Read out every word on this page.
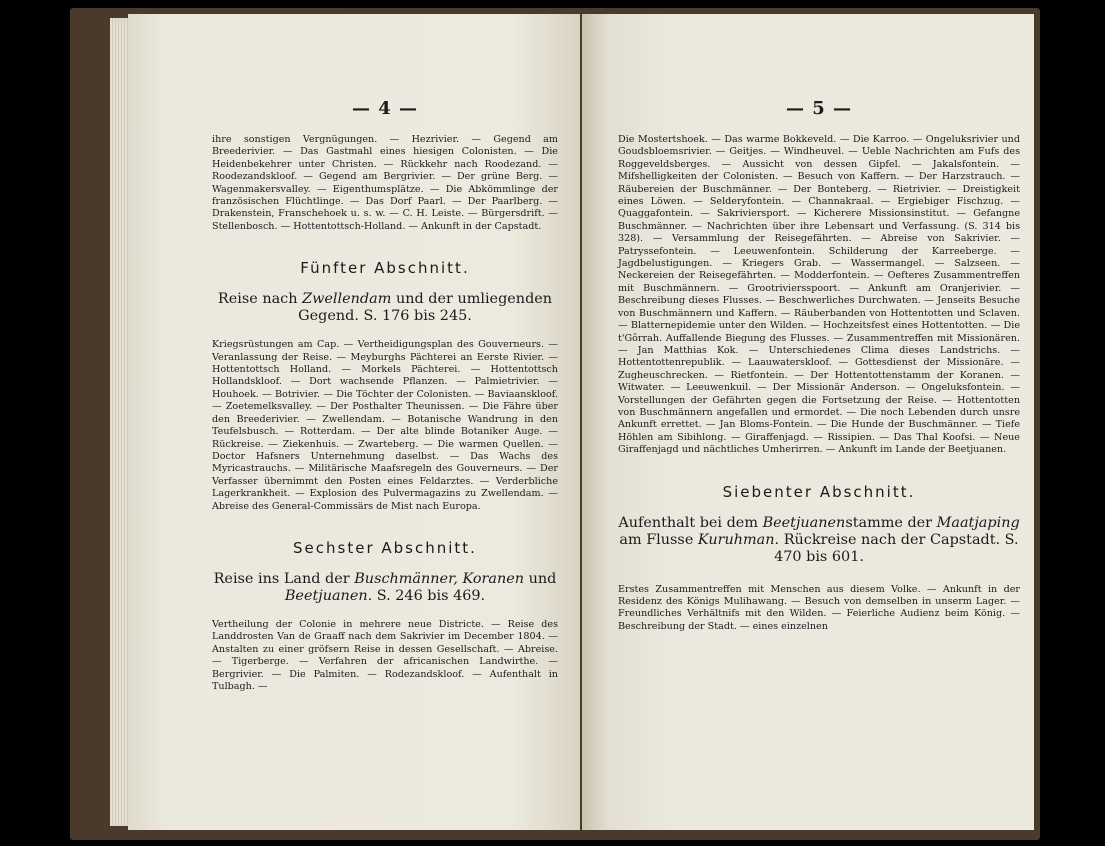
— 4 —
ihre sonstigen Vergnügungen. — Hezrivier. — Gegend am Breederivier. — Das Gastmahl eines hiesigen Colonisten. — Die Heidenbekehrer unter Christen. — Rückkehr nach Roodezand. — Roodezandskloof. — Gegend am Bergrivier. — Der grüne Berg. — Wagenmakersvalley. — Eigenthumsplätze. — Die Abkömmlinge der französischen Flüchtlinge. — Das Dorf Paarl. — Der Paarlberg. — Drakenstein, Franschehoek u. s. w. — C. H. Leiste. — Bürgersdrift. — Stellenbosch. — Hottentottsch-Holland. — Ankunft in der Capstadt.
Fünfter Abschnitt.
Reise nach Zwellendam und der umliegenden Gegend. S. 176 bis 245.
Kriegsrüstungen am Cap. — Vertheidigungsplan des Gouverneurs. — Veranlassung der Reise. — Meyburghs Pächterei an Eerste Rivier. — Hottentottsch Holland. — Morkels Pächterei. — Hottentottsch Hollandskloof. — Dort wachsende Pflanzen. — Palmietrivier. — Houhoek. — Botrivier. — Die Töchter der Colonisten. — Baviaanskloof. — Zoetemelksvalley. — Der Posthalter Theunissen. — Die Fähre über den Breederivier. — Zwellendam. — Botanische Wandrung in den Teufelsbusch. — Rotterdam. — Der alte blinde Botaniker Auge. — Rückreise. — Ziekenhuis. — Zwarteberg. — Die warmen Quellen. — Doctor Hafsners Unternehmung daselbst. — Das Wachs des Myricastrauchs. — Militärische Maafsregeln des Gouverneurs. — Der Verfasser übernimmt den Posten eines Feldarztes. — Verderbliche Lagerkrankheit. — Explosion des Pulvermagazins zu Zwellendam. — Abreise des General-Commissärs de Mist nach Europa.
Sechster Abschnitt.
Reise ins Land der Buschmänner, Koranen und Beetjuanen. S. 246 bis 469.
Vertheilung der Colonie in mehrere neue Districte. — Reise des Landdrosten Van de Graaff nach dem Sakrivier im December 1804. — Anstalten zu einer gröfsern Reise in dessen Gesellschaft. — Abreise. — Tigerberge. — Verfahren der africanischen Landwirthe. — Bergrivier. — Die Palmiten. — Rodezandskloof. — Aufenthalt in Tulbagh. —
— 5 —
Die Mostertshoek. — Das warme Bokkeveld. — Die Karroo. — Ongeluksrivier und Goudsbloemsrivier. — Geitjes. — Windheuvel. — Ueble Nachrichten am Fufs des Roggeveldsberges. — Aussicht von dessen Gipfel. — Jakalsfontein. — Mifshelligkeiten der Colonisten. — Besuch von Kaffern. — Der Harzstrauch. — Räubereien der Buschmänner. — Der Bonteberg. — Rietrivier. — Dreistigkeit eines Löwen. — Selderyfontein. — Channakraal. — Ergiebiger Fischzug. — Quaggafontein. — Sakriviersport. — Kicherere Missionsinstitut. — Gefangne Buschmänner. — Nachrichten über ihre Lebensart und Verfassung. (S. 314 bis 328). — Versammlung der Reisegefährten. — Abreise von Sakrivier. — Patryssefontein. — Leeuwenfontein. Schilderung der Karreeberge. — Jagdbelustigungen. — Kriegers Grab. — Wassermangel. — Salzseen. — Neckereien der Reisegefährten. — Modderfontein. — Oefteres Zusammentreffen mit Buschmännern. — Grootriviersspoort. — Ankunft am Oranjerivier. — Beschreibung dieses Flusses. — Beschwerliches Durchwaten. — Jenseits Besuche von Buschmännern und Kaffern. — Räuberbanden von Hottentotten und Sclaven. — Blatternepidemie unter den Wilden. — Hochzeitsfest eines Hottentotten. — Die t'Gôrrah. Auffallende Biegung des Flusses. — Zusammentreffen mit Missionären. — Jan Matthias Kok. — Unterschiedenes Clima dieses Landstrichs. — Hottentottenrepublik. — Laauwaterskloof. — Gottesdienst der Missionäre. — Zugheuschrecken. — Rietfontein. — Der Hottentottenstamm der Koranen. — Witwater. — Leeuwenkuil. — Der Missionär Anderson. — Ongeluksfontein. — Vorstellungen der Gefährten gegen die Fortsetzung der Reise. — Hottentotten von Buschmännern angefallen und ermordet. — Die noch Lebenden durch unsre Ankunft errettet. — Jan Bloms-Fontein. — Die Hunde der Buschmänner. — Tiefe Höhlen am Sibihlong. — Giraffenjagd. — Rissipien. — Das Thal Koofsi. — Neue Giraffenjagd und nächtliches Umherirren. — Ankunft im Lande der Beetjuanen.
Siebenter Abschnitt.
Aufenthalt bei dem Beetjuanenstamme der Maatjaping am Flusse Kuruhman. Rückreise nach der Capstadt. S. 470 bis 601.
Erstes Zusammentreffen mit Menschen aus diesem Volke. — Ankunft in der Residenz des Königs Mulihawang. — Besuch von demselben in unserm Lager. — Freundliches Verhältnifs mit den Wilden. — Feierliche Audienz beim König. — Beschreibung der Stadt. — eines einzelnen
